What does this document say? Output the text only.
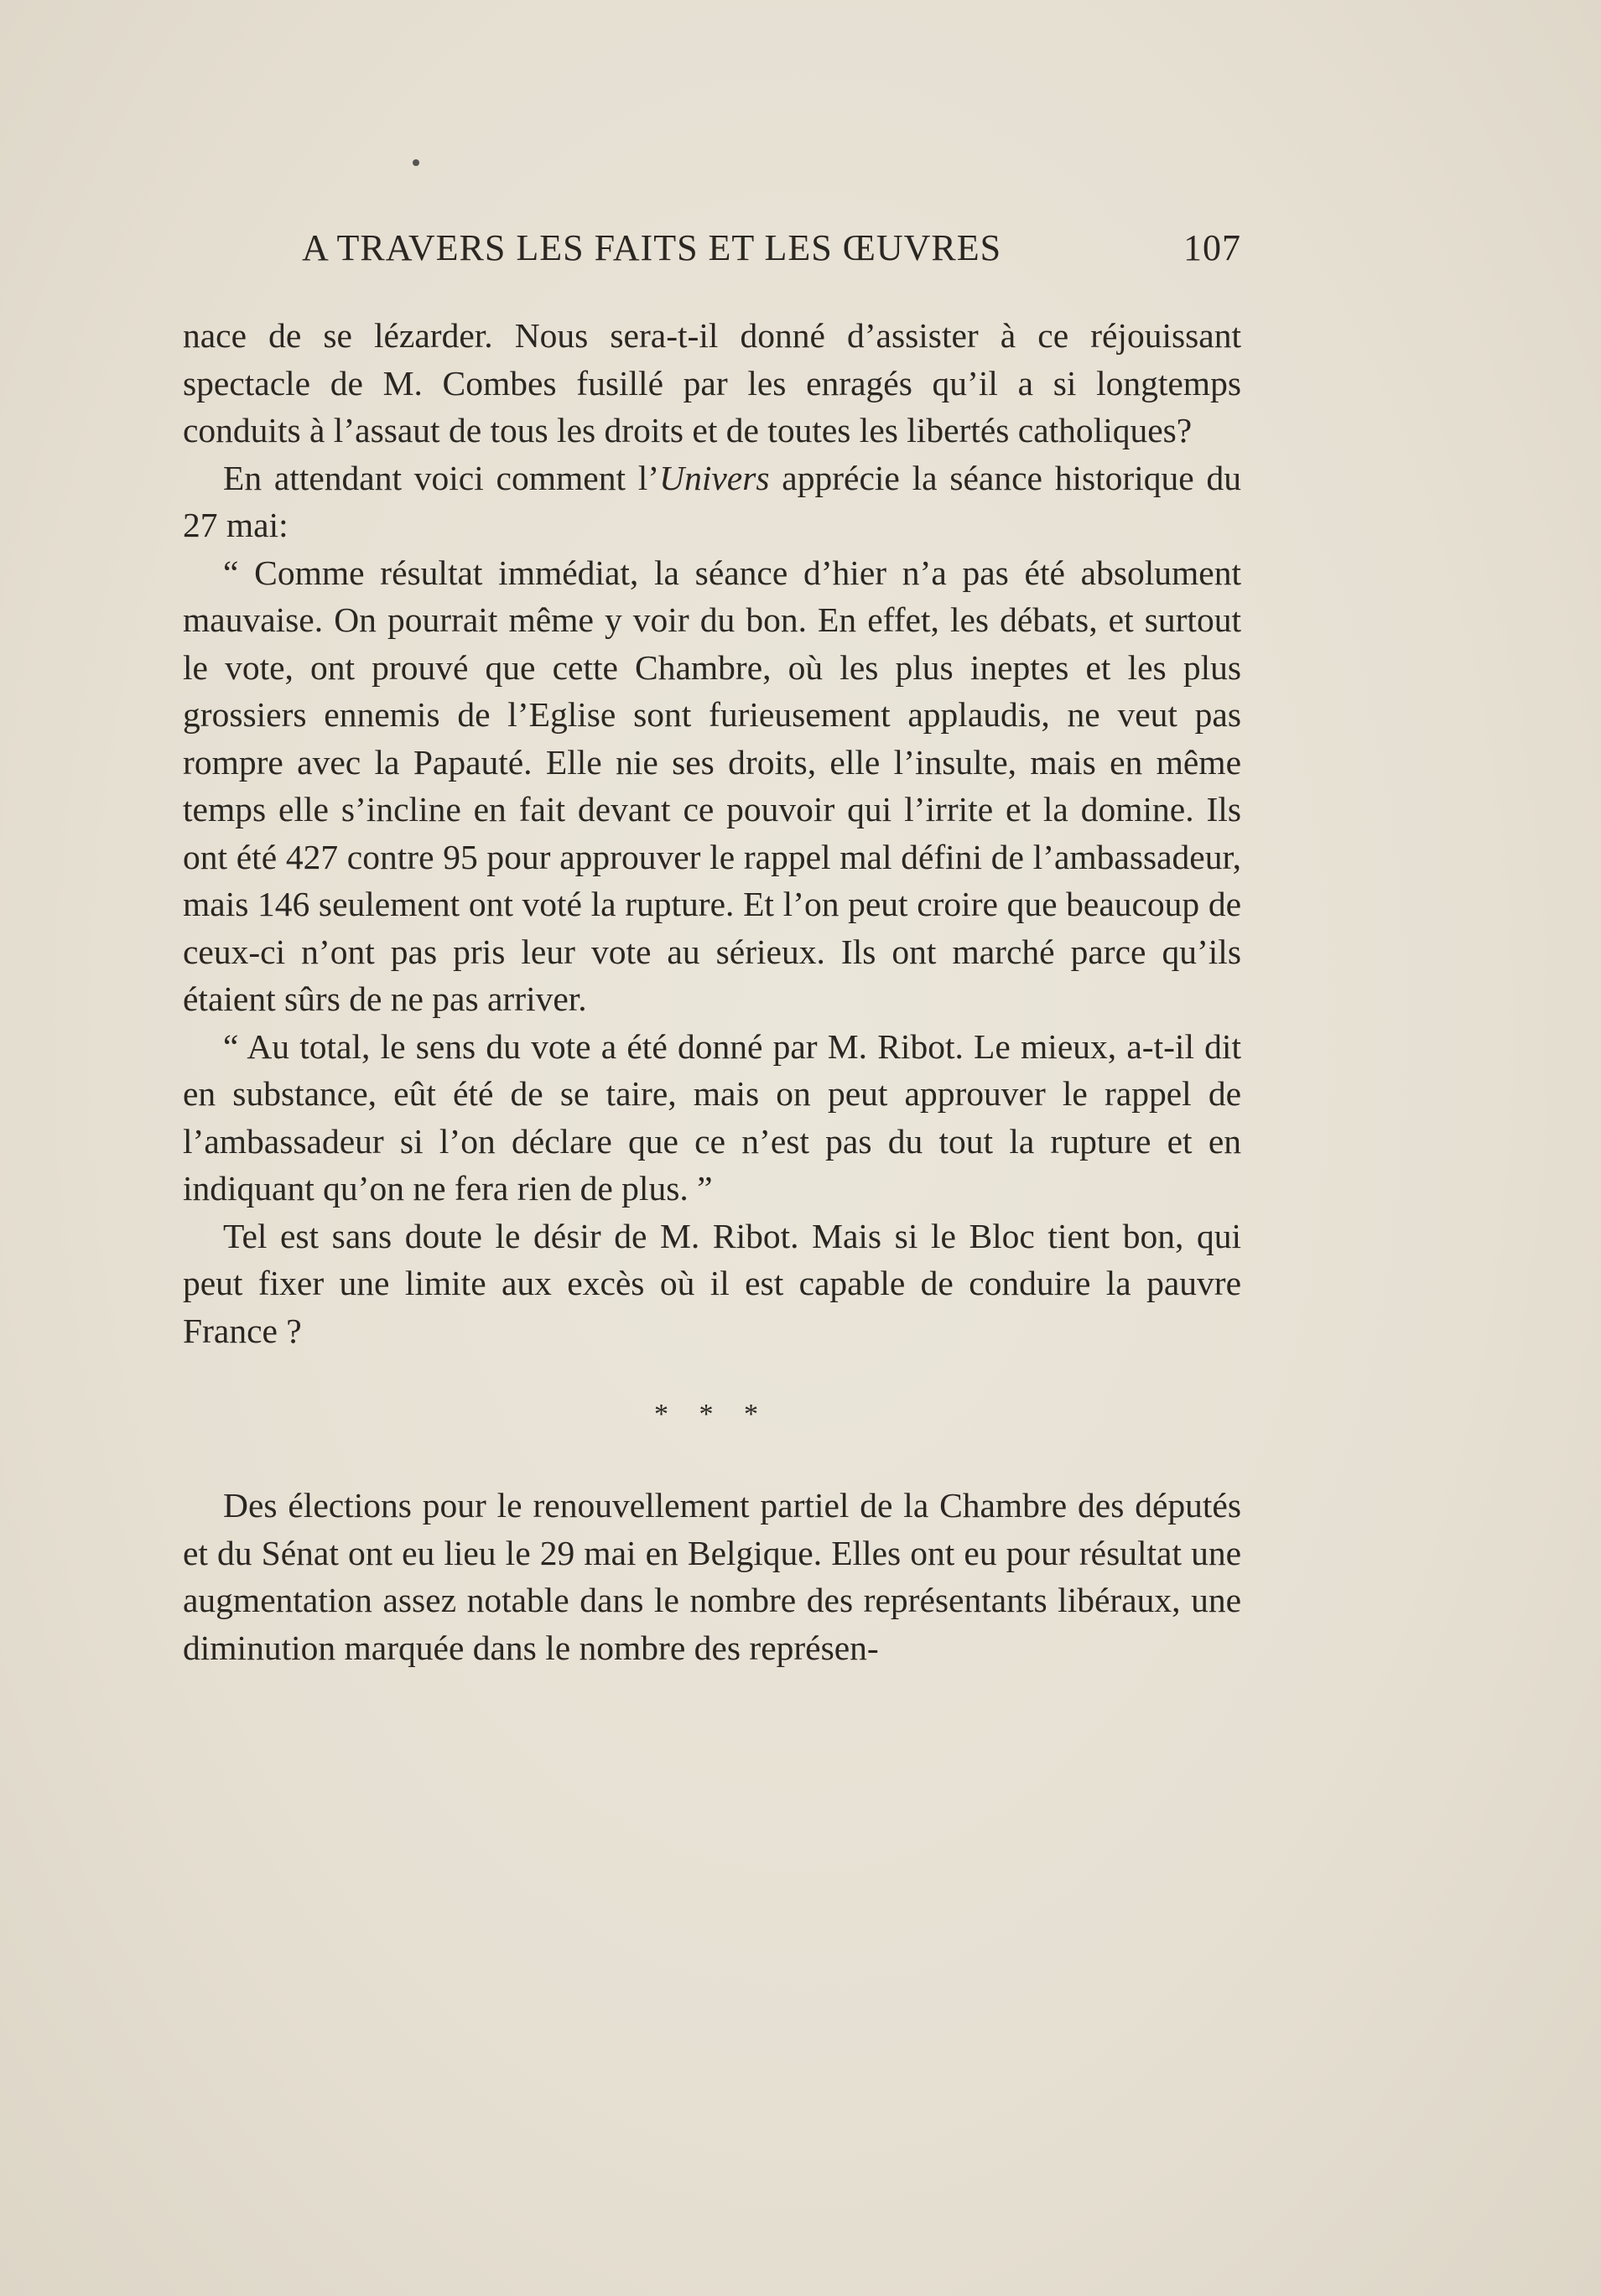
A TRAVERS LES FAITS ET LES ŒUVRES	107

nace de se lézarder. Nous sera-t-il donné d’assister à ce réjouissant spectacle de M. Combes fusillé par les enragés qu’il a si longtemps conduits à l’assaut de tous les droits et de toutes les libertés catholiques?

En attendant voici comment l’Univers apprécie la séance historique du 27 mai:

“ Comme résultat immédiat, la séance d’hier n’a pas été absolument mauvaise. On pourrait même y voir du bon. En effet, les débats, et surtout le vote, ont prouvé que cette Chambre, où les plus ineptes et les plus grossiers ennemis de l’Eglise sont furieusement applaudis, ne veut pas rompre avec la Papauté. Elle nie ses droits, elle l’insulte, mais en même temps elle s’incline en fait devant ce pouvoir qui l’irrite et la domine. Ils ont été 427 contre 95 pour approuver le rappel mal défini de l’ambassadeur, mais 146 seulement ont voté la rupture. Et l’on peut croire que beaucoup de ceux-ci n’ont pas pris leur vote au sérieux. Ils ont marché parce qu’ils étaient sûrs de ne pas arriver.

“ Au total, le sens du vote a été donné par M. Ribot. Le mieux, a-t-il dit en substance, eût été de se taire, mais on peut approuver le rappel de l’ambassadeur si l’on déclare que ce n’est pas du tout la rupture et en indiquant qu’on ne fera rien de plus. ”

Tel est sans doute le désir de M. Ribot. Mais si le Bloc tient bon, qui peut fixer une limite aux excès où il est capable de conduire la pauvre France ?

* * *

Des élections pour le renouvellement partiel de la Chambre des députés et du Sénat ont eu lieu le 29 mai en Belgique. Elles ont eu pour résultat une augmentation assez notable dans le nombre des représentants libéraux, une diminution marquée dans le nombre des représen-
